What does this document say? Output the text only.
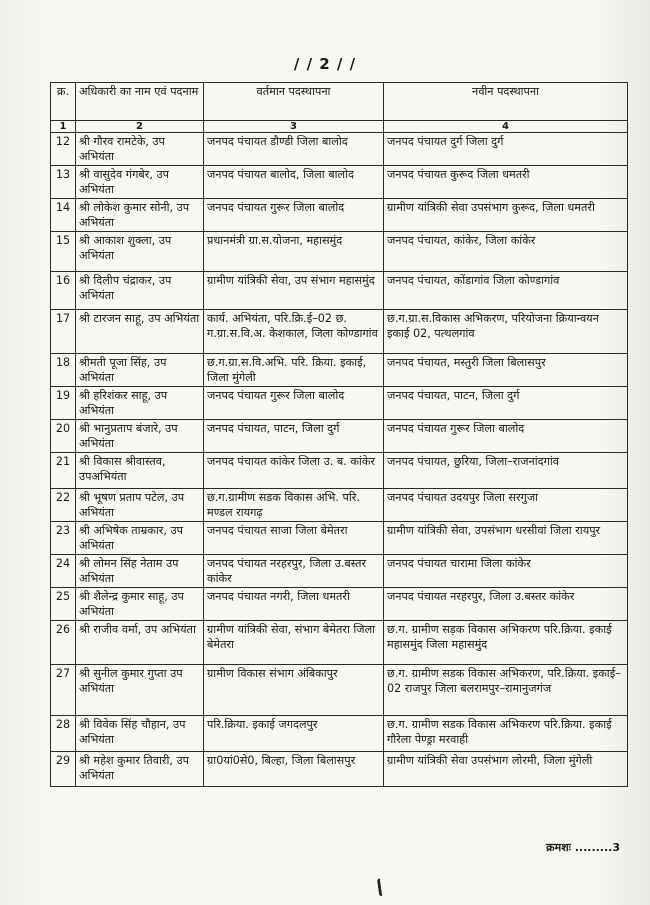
/ / 2 / /
क्र.	अधिकारी का नाम एवं पदनाम	वर्तमान पदस्थापना	नवीन पदस्थापना
1	2	3	4
12	श्री गौरव रामटेके, उप अभियंता	जनपद पंचायत डौण्डी जिला बालोद	जनपद पंचायत दुर्ग जिला दुर्ग
13	श्री वासुदेव गंगबेर, उप अभियंता	जनपद पंचायत बालोद, जिला बालोद	जनपद पंचायत कुरूद जिला धमतरी
14	श्री लोकेश कुमार सोनी, उप अभियंता	जनपद पंचायत गुरूर जिला बालोद	ग्रामीण यांत्रिकी सेवा उपसंभाग कुरूद, जिला धमतरी
15	श्री आकाश शुक्ला, उप अभियंता	प्रधानमंत्री ग्रा.स.योजना, महासमुंद	जनपद पंचायत, कांकेर, जिला कांकेर
16	श्री दिलीप चंद्राकर, उप अभियंता	ग्रामीण यांत्रिकी सेवा, उप संभाग महासमुंद	जनपद पंचायत, कोंडागांव जिला कोण्डागांव
17	श्री टारजन साहू, उप अभियंता	कार्य. अभियंता, परि.क्रि.ई–02 छ. ग.ग्रा.स.वि.अ. केशकाल, जिला कोण्डागांव	छ.ग.ग्रा.स.विकास अभिकरण, परियोजना क्रियान्वयन इकाई 02, पत्थलगांव
18	श्रीमती पूजा सिंह, उप अभियंता	छ.ग.ग्रा.स.वि.अभि. परि. क्रिया. इकाई, जिला मुंगेली	जनपद पंचायत, मस्तुरी जिला बिलासपुर
19	श्री हरिशंकर साहू, उप अभियंता	जनपद पंचायत गुरूर जिला बालोद	जनपद पंचायत, पाटन, जिला दुर्ग
20	श्री भानुप्रताप बंजारे, उप अभियंता	जनपद पंचायत, पाटन, जिला दुर्ग	जनपद पंचायत गुरूर जिला बालोद
21	श्री विकास श्रीवास्तव, उपअभियंता	जनपद पंचायत कांकेर जिला उ. ब. कांकेर	जनपद पंचायत, छुरिया, जिला–राजनांदगांव
22	श्री भूषण प्रताप पटेल, उप अभियंता	छ.ग.ग्रामीण सडक विकास अभि. परि. मण्डल रायगढ़	जनपद पंचायत उदयपुर जिला सरगुजा
23	श्री अभिषेक ताम्रकार, उप अभियंता	जनपद पंचायत साजा जिला बेमेतरा	ग्रामीण यांत्रिकी सेवा, उपसंभाग धरसीवां जिला रायपुर
24	श्री लोमन सिंह नेताम उप अभियंता	जनपद पंचायत नरहरपुर, जिला उ.बस्तर कांकेर	जनपद पंचायत चारामा जिला कांकेर
25	श्री शैलेन्द्र कुमार साहू, उप अभियंता	जनपद पंचायत नगरी, जिला धमतरी	जनपद पंचायत नरहरपुर, जिला उ.बस्तर कांकेर
26	श्री राजीव वर्मा, उप अभियंता	ग्रामीण यांत्रिकी सेवा, संभाग बेमेतरा जिला बेमेतरा	छ.ग. ग्रामीण सड़क विकास अभिकरण परि.क्रिया. इकाई महासमुंद जिला महासमुंद
27	श्री सुनील कुमार गुप्ता उप अभियंता	ग्रामीण विकास संभाग अंबिकापुर	छ.ग. ग्रामीण सडक विकास अभिकरण, परि.क्रिया. इकाई–02 राजपुर जिला बलरामपुर–रामानुजगंज
28	श्री विवेक सिंह चौहान, उप अभियंता	परि.क्रिया. इकाई जगदलपुर	छ.ग. ग्रामीण सडक विकास अभिकरण परि.क्रिया. इकाई गौरेला पेण्ड्रा मरवाही
29	श्री महेश कुमार तिवारी, उप अभियंता	ग्रा0यां0से0, बिल्हा, जिला बिलासपुर	ग्रामीण यांत्रिकी सेवा उपसंभाग लोरमी, जिला मुंगेली
क्रमशः .........3
